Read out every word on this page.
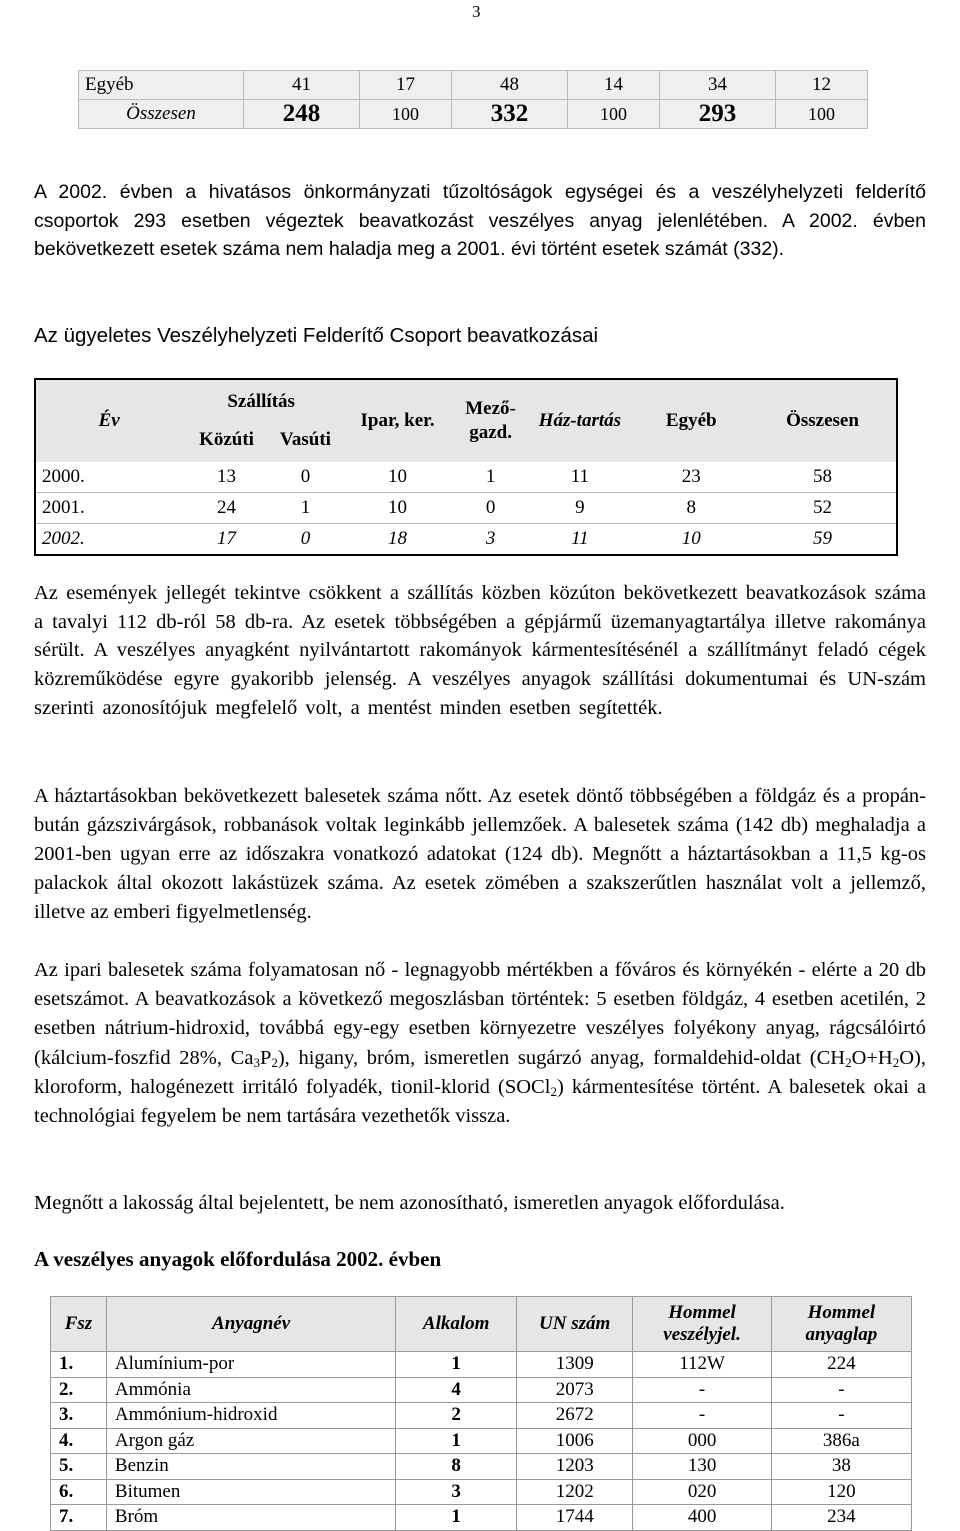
3
Egyéb	41	17	48	14	34	12
Összesen	248	100	332	100	293	100

A 2002. évben a hivatásos önkormányzati tűzoltóságok egységei és a veszélyhelyzeti felderítő csoportok 293 esetben végeztek beavatkozást veszélyes anyag jelenlétében. A 2002. évben bekövetkezett esetek száma nem haladja meg a 2001. évi történt esetek számát (332).

Az ügyeletes Veszélyhelyzeti Felderítő Csoport beavatkozásai

Év	Szállítás		Ipar, ker.	Mező-gazd.	Ház-tartás	Egyéb	Összesen
	Közúti	Vasúti					
2000.	13	0	10	1	11	23	58
2001.	24	1	10	0	9	8	52
2002.	17	0	18	3	11	10	59

Az események jellegét tekintve csökkent a szállítás közben közúton bekövetkezett beavatkozások száma a tavalyi 112 db-ról 58 db-ra. Az esetek többségében a gépjármű üzemanyagtartálya illetve rakománya sérült. A veszélyes anyagként nyilvántartott rakományok kármentesítésénél a szállítmányt feladó cégek közreműködése egyre gyakoribb jelenség. A veszélyes anyagok szállítási dokumentumai és UN-szám szerinti azonosítójuk megfelelő volt, a mentést minden esetben segítették.

A háztartásokban bekövetkezett balesetek száma nőtt. Az esetek döntő többségében a földgáz és a propán-bután gázszivárgások, robbanások voltak leginkább jellemzőek. A balesetek száma (142 db) meghaladja a 2001-ben ugyan erre az időszakra vonatkozó adatokat (124 db). Megnőtt a háztartásokban a 11,5 kg-os palackok által okozott lakástüzek száma. Az esetek zömében a szakszerűtlen használat volt a jellemző, illetve az emberi figyelmetlenség.

Az ipari balesetek száma folyamatosan nő - legnagyobb mértékben a főváros és környékén - elérte a 20 db esetszámot. A beavatkozások a következő megoszlásban történtek: 5 esetben földgáz, 4 esetben acetilén, 2 esetben nátrium-hidroxid, továbbá egy-egy esetben környezetre veszélyes folyékony anyag, rágcsálóirtó (kálcium-foszfid 28%, $Ca_3P_2$), higany, bróm, ismeretlen sugárzó anyag, formaldehid-oldat $(CH_2O+H_2O)$, kloroform, halogénezett irritáló folyadék, tionil-klorid (SOCl$_2$) kármentesítése történt. A balesetek okai a technológiai fegyelem be nem tartására vezethetők vissza.

Megnőtt a lakosság által bejelentett, be nem azonosítható, ismeretlen anyagok előfordulása.

A veszélyes anyagok előfordulása 2002. évben

Fsz	Anyagnév	Alkalom	UN szám	Hommel veszélyjel.	Hommel anyaglap
1.	Alumínium-por	1	1309	112W	224
2.	Ammónia	4	2073	-	-
3.	Ammónium-hidroxid	2	2672	-	-
4.	Argon gáz	1	1006	000	386a
5.	Benzin	8	1203	130	38
6.	Bitumen	3	1202	020	120
7.	Bróm	1	1744	400	234
